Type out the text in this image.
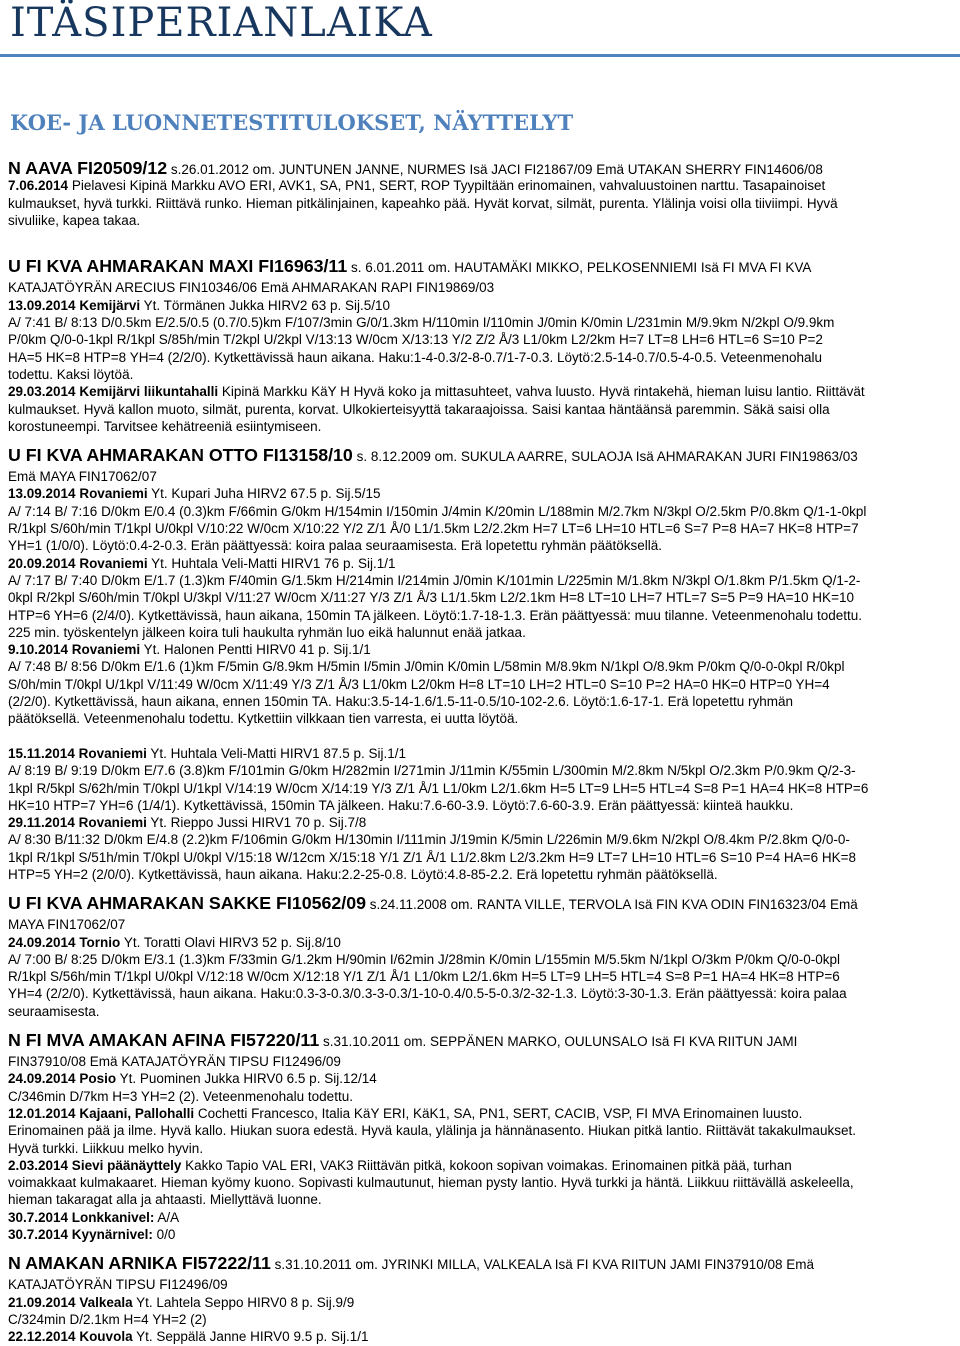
ITÄSIPERIANLAIKA
KOE- JA LUONNETESTITULOKSET, NÄYTTELYT
N AAVA FI20509/12 s.26.01.2012 om. JUNTUNEN JANNE, NURMES Isä JACI FI21867/09 Emä UTAKAN SHERRY FIN14606/08
7.06.2014 Pielavesi Kipinä Markku AVO ERI, AVK1, SA, PN1, SERT, ROP Tyypiltään erinomainen, vahvaluustoinen narttu. Tasapainoiset
kulmaukset, hyvä turkki. Riittävä runko. Hieman pitkälinjainen, kapeahko pää. Hyvät korvat, silmät, purenta. Ylälinja voisi olla tiiviimpi. Hyvä
sivuliike, kapea takaa.
U FI KVA AHMARAKAN MAXI FI16963/11 s. 6.01.2011 om. HAUTAMÄKI MIKKO, PELKOSENNIEMI Isä FI MVA FI KVA
KATAJATÖYRÄN ARECIUS FIN10346/06 Emä AHMARAKAN RAPI FIN19869/03
13.09.2014 Kemijärvi Yt. Törmänen Jukka HIRV2 63 p. Sij.5/10
A/ 7:41 B/ 8:13 D/0.5km E/2.5/0.5 (0.7/0.5)km F/107/3min G/0/1.3km H/110min I/110min J/0min K/0min L/231min M/9.9km N/2kpl O/9.9km
P/0km Q/0-0-1kpl R/1kpl S/85h/min T/2kpl U/2kpl V/13:13 W/0cm X/13:13 Y/2 Z/2 Å/3 L1/0km L2/2km H=7 LT=8 LH=6 HTL=6 S=10 P=2
HA=5 HK=8 HTP=8 YH=4 (2/2/0). Kytkettävissä haun aikana. Haku:1-4-0.3/2-8-0.7/1-7-0.3. Löytö:2.5-14-0.7/0.5-4-0.5. Veteenmenohalu
todettu. Kaksi löytöä.
29.03.2014 Kemijärvi liikuntahalli Kipinä Markku KäY H Hyvä koko ja mittasuhteet, vahva luusto. Hyvä rintakehä, hieman luisu lantio. Riittävät
kulmaukset. Hyvä kallon muoto, silmät, purenta, korvat. Ulkokierteisyyttä takaraajoissa. Saisi kantaa häntäänsä paremmin. Säkä saisi olla
korostuneempi. Tarvitsee kehätreeniä esiintymiseen.
U FI KVA AHMARAKAN OTTO FI13158/10 s. 8.12.2009 om. SUKULA AARRE, SULAOJA Isä AHMARAKAN JURI FIN19863/03
Emä MAYA FIN17062/07
13.09.2014 Rovaniemi Yt. Kupari Juha HIRV2 67.5 p. Sij.5/15
A/ 7:14 B/ 7:16 D/0km E/0.4 (0.3)km F/66min G/0km H/154min I/150min J/4min K/20min L/188min M/2.7km N/3kpl O/2.5km P/0.8km Q/1-1-0kpl
R/1kpl S/60h/min T/1kpl U/0kpl V/10:22 W/0cm X/10:22 Y/2 Z/1 Å/0 L1/1.5km L2/2.2km H=7 LT=6 LH=10 HTL=6 S=7 P=8 HA=7 HK=8 HTP=7
YH=1 (1/0/0). Löytö:0.4-2-0.3. Erän päättyessä: koira palaa seuraamisesta. Erä lopetettu ryhmän päätöksellä.
20.09.2014 Rovaniemi Yt. Huhtala Veli-Matti HIRV1 76 p. Sij.1/1
A/ 7:17 B/ 7:40 D/0km E/1.7 (1.3)km F/40min G/1.5km H/214min I/214min J/0min K/101min L/225min M/1.8km N/3kpl O/1.8km P/1.5km Q/1-2-
0kpl R/2kpl S/60h/min T/0kpl U/3kpl V/11:27 W/0cm X/11:27 Y/3 Z/1 Å/3 L1/1.5km L2/2.1km H=8 LT=10 LH=7 HTL=7 S=5 P=9 HA=10 HK=10
HTP=6 YH=6 (2/4/0). Kytkettävissä, haun aikana, 150min TA jälkeen. Löytö:1.7-18-1.3. Erän päättyessä: muu tilanne. Veteenmenohalu todettu.
225 min. työskentelyn jälkeen koira tuli haukulta ryhmän luo eikä halunnut enää jatkaa.
9.10.2014 Rovaniemi Yt. Halonen Pentti HIRV0 41 p. Sij.1/1
A/ 7:48 B/ 8:56 D/0km E/1.6 (1)km F/5min G/8.9km H/5min I/5min J/0min K/0min L/58min M/8.9km N/1kpl O/8.9km P/0km Q/0-0-0kpl R/0kpl
S/0h/min T/0kpl U/1kpl V/11:49 W/0cm X/11:49 Y/3 Z/1 Å/3 L1/0km L2/0km H=8 LT=10 LH=2 HTL=0 S=10 P=2 HA=0 HK=0 HTP=0 YH=4
(2/2/0). Kytkettävissä, haun aikana, ennen 150min TA. Haku:3.5-14-1.6/1.5-11-0.5/10-102-2.6. Löytö:1.6-17-1. Erä lopetettu ryhmän
päätöksellä. Veteenmenohalu todettu. Kytkettiin vilkkaan tien varresta, ei uutta löytöä.
15.11.2014 Rovaniemi Yt. Huhtala Veli-Matti HIRV1 87.5 p. Sij.1/1
A/ 8:19 B/ 9:19 D/0km E/7.6 (3.8)km F/101min G/0km H/282min I/271min J/11min K/55min L/300min M/2.8km N/5kpl O/2.3km P/0.9km Q/2-3-
1kpl R/5kpl S/62h/min T/0kpl U/1kpl V/14:19 W/0cm X/14:19 Y/3 Z/1 Å/1 L1/0km L2/1.6km H=5 LT=9 LH=5 HTL=4 S=8 P=1 HA=4 HK=8 HTP=6
HK=10 HTP=7 YH=6 (1/4/1). Kytkettävissä, 150min TA jälkeen. Haku:7.6-60-3.9. Löytö:7.6-60-3.9. Erän päättyessä: kiinteä haukku.
29.11.2014 Rovaniemi Yt. Rieppo Jussi HIRV1 70 p. Sij.7/8
A/ 8:30 B/11:32 D/0km E/4.8 (2.2)km F/106min G/0km H/130min I/111min J/19min K/5min L/226min M/9.6km N/2kpl O/8.4km P/2.8km Q/0-0-
1kpl R/1kpl S/51h/min T/0kpl U/0kpl V/15:18 W/12cm X/15:18 Y/1 Z/1 Å/1 L1/2.8km L2/3.2km H=9 LT=7 LH=10 HTL=6 S=10 P=4 HA=6 HK=8
HTP=5 YH=2 (2/0/0). Kytkettävissä, haun aikana. Haku:2.2-25-0.8. Löytö:4.8-85-2.2. Erä lopetettu ryhmän päätöksellä.
U FI KVA AHMARAKAN SAKKE FI10562/09 s.24.11.2008 om. RANTA VILLE, TERVOLA Isä FIN KVA ODIN FIN16323/04 Emä
MAYA FIN17062/07
24.09.2014 Tornio Yt. Toratti Olavi HIRV3 52 p. Sij.8/10
A/ 7:00 B/ 8:25 D/0km E/3.1 (1.3)km F/33min G/1.2km H/90min I/62min J/28min K/0min L/155min M/5.5km N/1kpl O/3km P/0km Q/0-0-0kpl
R/1kpl S/56h/min T/1kpl U/0kpl V/12:18 W/0cm X/12:18 Y/1 Z/1 Å/1 L1/0km L2/1.6km H=5 LT=9 LH=5 HTL=4 S=8 P=1 HA=4 HK=8 HTP=6
YH=4 (2/2/0). Kytkettävissä, haun aikana. Haku:0.3-3-0.3/0.3-3-0.3/1-10-0.4/0.5-5-0.3/2-32-1.3. Löytö:3-30-1.3. Erän päättyessä: koira palaa
seuraamisesta.
N FI MVA AMAKAN AFINA FI57220/11 s.31.10.2011 om. SEPPÄNEN MARKO, OULUNSALO Isä FI KVA RIITUN JAMI
FIN37910/08 Emä KATAJATÖYRÄN TIPSU FI12496/09
24.09.2014 Posio Yt. Puominen Jukka HIRV0 6.5 p. Sij.12/14
C/346min D/7km H=3 YH=2 (2). Veteenmenohalu todettu.
12.01.2014 Kajaani, Pallohalli Cochetti Francesco, Italia KäY ERI, KäK1, SA, PN1, SERT, CACIB, VSP, FI MVA Erinomainen luusto.
Erinomainen pää ja ilme. Hyvä kallo. Hiukan suora edestä. Hyvä kaula, ylälinja ja hännänasento. Hiukan pitkä lantio. Riittävät takakulmaukset.
Hyvä turkki. Liikkuu melko hyvin.
2.03.2014 Sievi päänäyttely Kakko Tapio VAL ERI, VAK3 Riittävän pitkä, kokoon sopivan voimakas. Erinomainen pitkä pää, turhan
voimakkaat kulmakaaret. Hieman kyömy kuono. Sopivasti kulmautunut, hieman pysty lantio. Hyvä turkki ja häntä. Liikkuu riittävällä askeleella,
hieman takaragat alla ja ahtaasti. Miellyttävä luonne.
30.7.2014 Lonkkanivel: A/A
30.7.2014 Kyynärnivel: 0/0
N AMAKAN ARNIKA FI57222/11 s.31.10.2011 om. JYRINKI MILLA, VALKEALA Isä FI KVA RIITUN JAMI FIN37910/08 Emä
KATAJATÖYRÄN TIPSU FI12496/09
21.09.2014 Valkeala Yt. Lahtela Seppo HIRV0 8 p. Sij.9/9
C/324min D/2.1km H=4 YH=2 (2)
22.12.2014 Kouvola Yt. Seppälä Janne HIRV0 9.5 p. Sij.1/1
